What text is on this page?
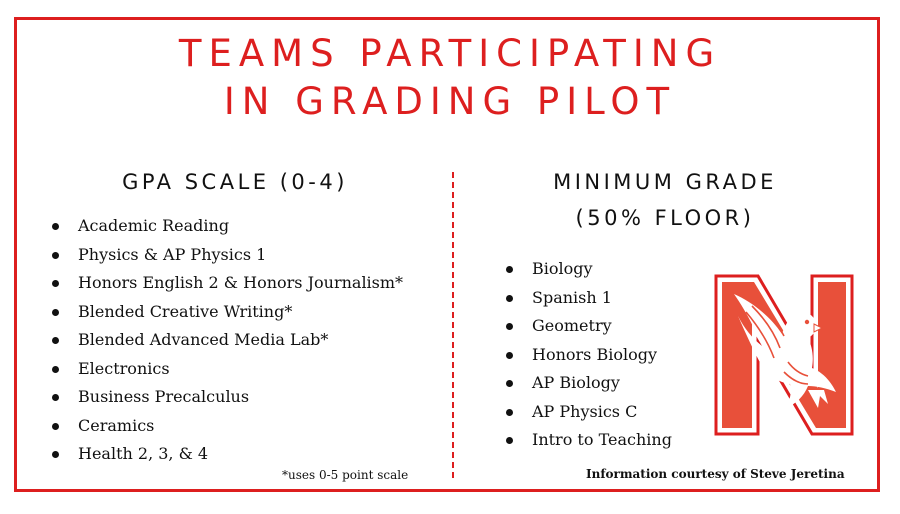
TEAMS PARTICIPATING
IN GRADING PILOT
GPA SCALE (0-4)	MINIMUM GRADE
(50% FLOOR)
Academic Reading
Physics & AP Physics 1
Honors English 2 & Honors Journalism*
Blended Creative Writing*
Blended Advanced Media Lab*
Electronics
Business Precalculus
Ceramics
Health 2, 3, & 4
Biology
Spanish 1
Geometry
Honors Biology
AP Biology
AP Physics C
Intro to Teaching
*uses 0-5 point scale	Information courtesy of Steve Jeretina
